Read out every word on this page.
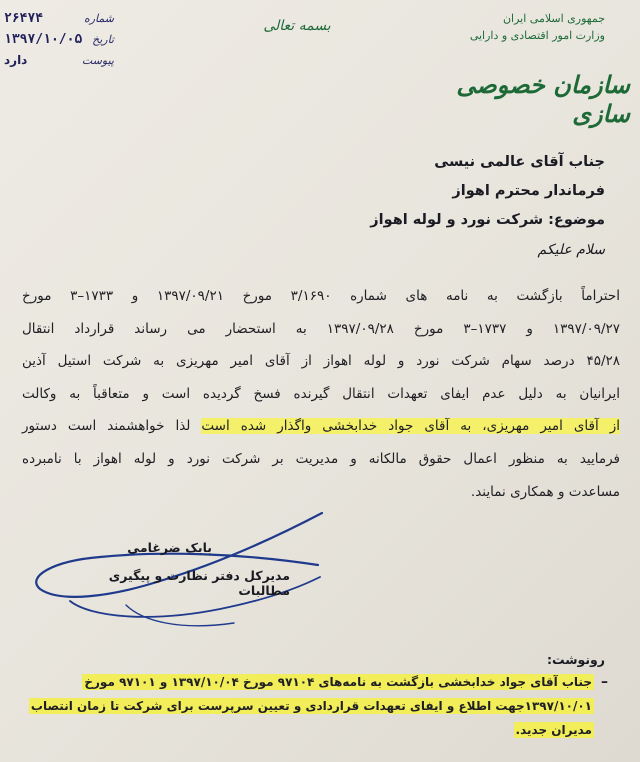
۲۶۴۷۴	شماره
۱۳۹۷/۱۰/۰۵ تاریخ
دارد	پیوست
بسمه تعالی	جمهوری اسلامی ایران
وزارت امور اقتصادی و دارایی
سازمان خصوصی سازی
جناب آقای عالمی نیسی
فرماندار محترم اهواز
موضوع: شرکت نورد و لوله اهواز
سلام علیکم
احتراماً بازگشت به نامه های شماره ۳/۱۶۹۰ مورخ ۱۳۹۷/۰۹/۲۱ و ۱۷۳۳–۳ مورخ
۱۳۹۷/۰۹/۲۷ و ۱۷۳۷–۳ مورخ ۱۳۹۷/۰۹/۲۸ به استحضار می رساند قرارداد انتقال
۴۵/۲۸ درصد سهام شرکت نورد و لوله اهواز از آقای امیر مهریزی به شرکت استیل آذین
ایرانیان به دلیل عدم ایفای تعهدات انتقال گیرنده فسخ گردیده است و متعاقباً به وکالت
از آقای امیر مهریزی، به آقای جواد خدابخشی واگذار شده است لذا خواهشمند است دستور
فرمایید به منظور اعمال حقوق مالکانه و مدیریت بر شرکت نورد و لوله اهواز با نامبرده
مساعدت و همکاری نمایند.
بابک ضرغامی
مدیرکل دفتر نظارت و پیگیری مطالبات
رونوشت:
–
جناب آقای جواد خدابخشی بازگشت به نامه‌های ۹۷۱۰۴ مورخ ۱۳۹۷/۱۰/۰۴ و ۹۷۱۰۱ مورخ
۱۳۹۷/۱۰/۰۱جهت اطلاع و ایفای تعهدات قراردادی و تعیین سرپرست برای شرکت تا زمان انتصاب
مدیران جدید.
